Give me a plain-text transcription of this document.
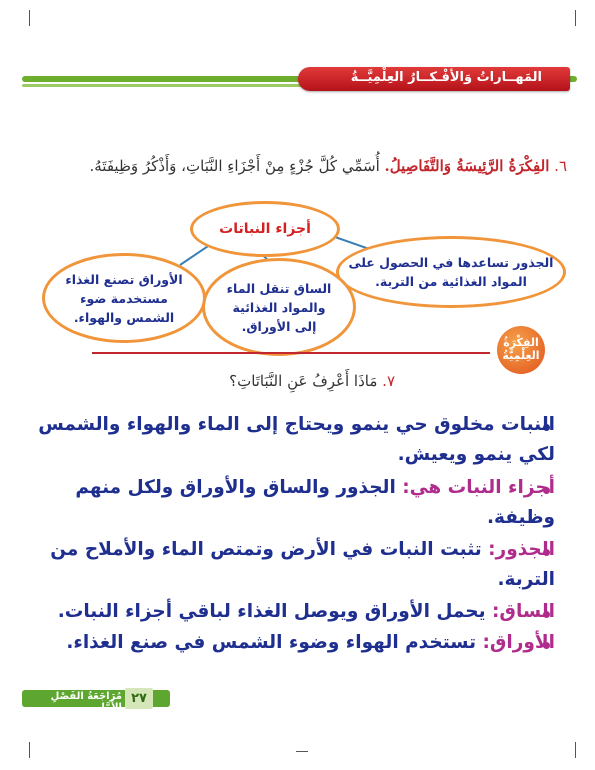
المَهــاراتُ وَالأفْـكــارُ العِلْمِيَّــةُ
٦. الفِكْرَةُ الرَّئِيسَةُ وَالتَّفَاصِيلُ. أُسَمِّي كُلَّ جُزْءٍ مِنْ أَجْزَاءِ النَّبَاتِ، وَأَذْكُرُ وَظِيفَتَهُ.
أجزاء النباتات
الجذور تساعدها في الحصول على
المواد الغذائية من التربة.
الساق تنقل الماء
والمواد الغذائية
إلى الأوراق.
الأوراق تصنع الغذاء
مستخدمة ضوء
الشمس والهواء.
الفِكْرَةُ
العِلْمِيَّةُ
٧. مَاذَا أَعْرِفُ عَنِ النَّبَاتَاتِ؟
النبات مخلوق حي ينمو ويحتاج إلى الماء والهواء والشمس لكي ينمو ويعيش.
أجزاء النبات هي: الجذور والساق والأوراق ولكل منهم وظيفة.
الجذور: تثبت النبات في الأرض وتمتص الماء والأملاح من التربة.
الساق: يحمل الأوراق ويوصل الغذاء لباقي أجزاء النبات.
الأوراق: تستخدم الهواء وضوء الشمس في صنع الغذاء.
مُرَاجَعَةُ الفَصْلِ الأَوَّلِ
٢٧
